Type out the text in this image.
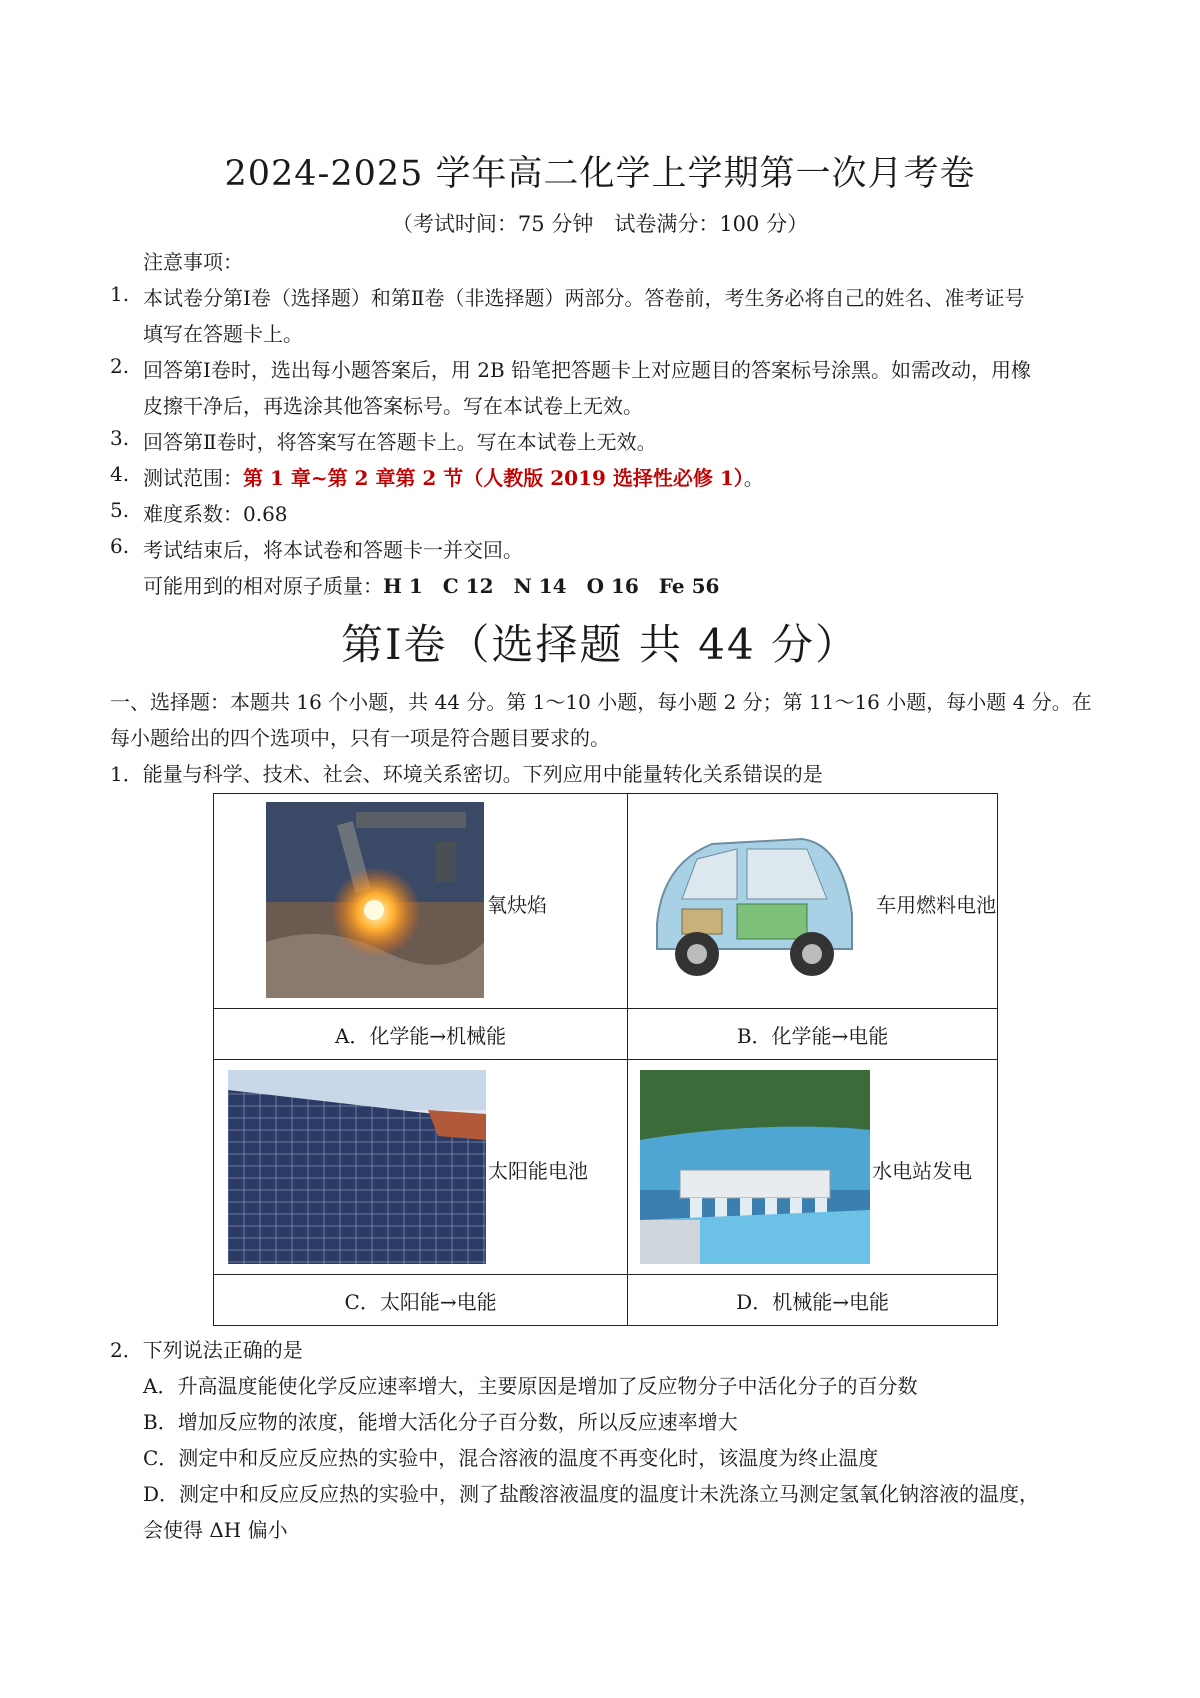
2024-2025 学年高二化学上学期第一次月考卷
（考试时间：75 分钟　试卷满分：100 分）
注意事项：
1. 本试卷分第Ⅰ卷（选择题）和第Ⅱ卷（非选择题）两部分。答卷前，考生务必将自己的姓名、准考证号
填写在答题卡上。
2. 回答第Ⅰ卷时，选出每小题答案后，用 2B 铅笔把答题卡上对应题目的答案标号涂黑。如需改动，用橡
皮擦干净后，再选涂其他答案标号。写在本试卷上无效。
3. 回答第Ⅱ卷时，将答案写在答题卡上。写在本试卷上无效。
4. 测试范围：第 1 章~第 2 章第 2 节（人教版 2019 选择性必修 1）。
5. 难度系数：0.68
6. 考试结束后，将本试卷和答题卡一并交回。
可能用到的相对原子质量：H 1　C 12　N 14　O 16　Fe 56
第Ⅰ卷（选择题 共 44 分）
一、选择题：本题共 16 个小题，共 44 分。第 1～10 小题，每小题 2 分；第 11～16 小题，每小题 4 分。在
每小题给出的四个选项中，只有一项是符合题目要求的。
1．能量与科学、技术、社会、环境关系密切。下列应用中能量转化关系错误的是
氧炔焰	车用燃料电池

A．化学能→机械能	B．化学能→电能

太阳能电池	水电站发电

C．太阳能→电能	D．机械能→电能
2．下列说法正确的是
A．升高温度能使化学反应速率增大，主要原因是增加了反应物分子中活化分子的百分数
B．增加反应物的浓度，能增大活化分子百分数，所以反应速率增大
C．测定中和反应反应热的实验中，混合溶液的温度不再变化时，该温度为终止温度
D．测定中和反应反应热的实验中，测了盐酸溶液温度的温度计未洗涤立马测定氢氧化钠溶液的温度，
会使得 ΔH 偏小
